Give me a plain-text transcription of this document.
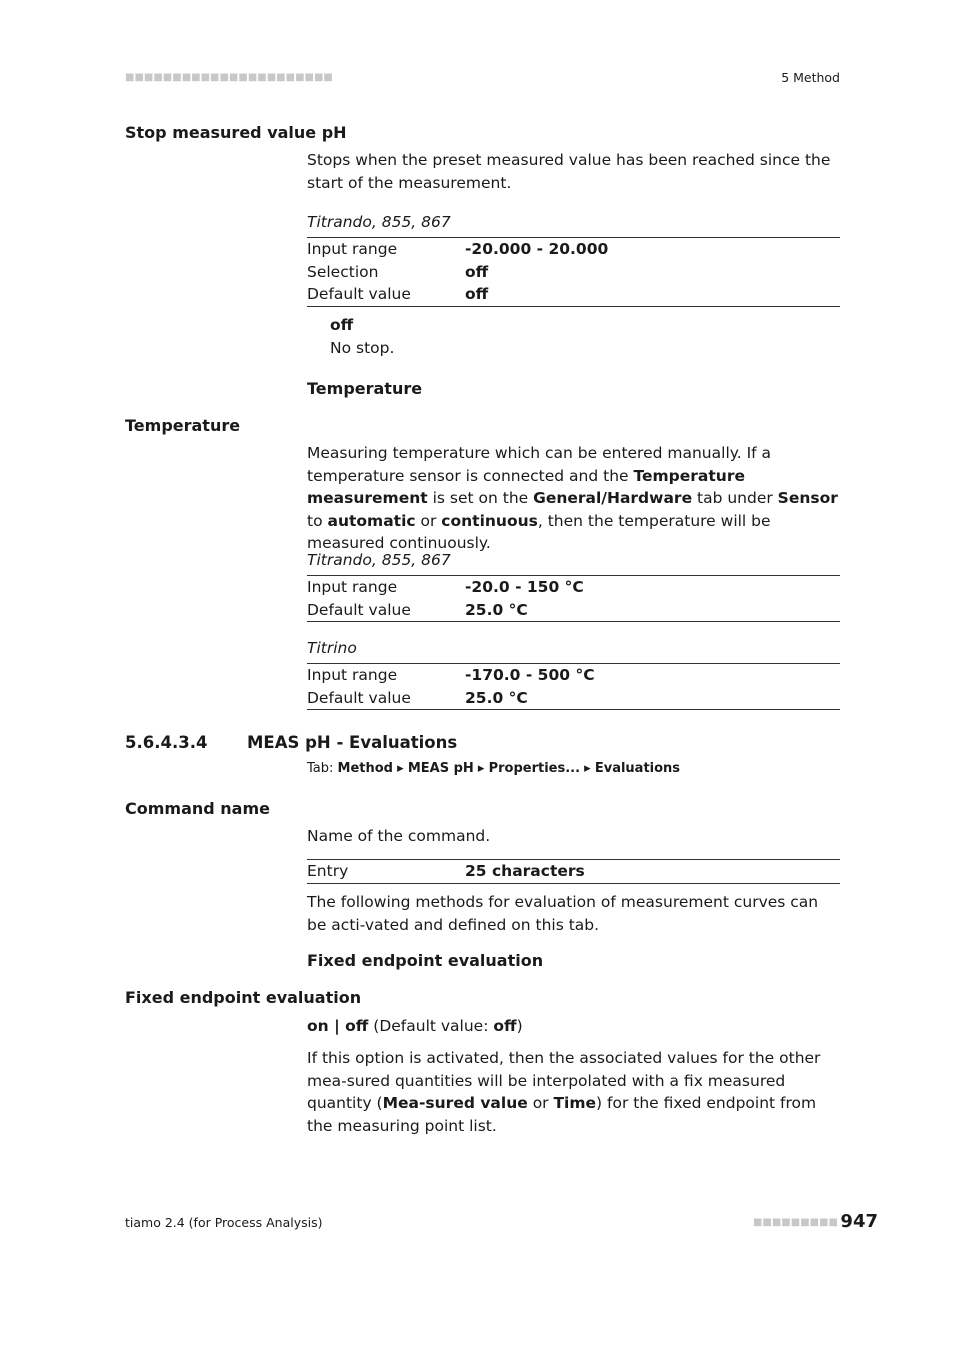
■■■■■■■■■■■■■■■■■■■■■■	5 Method
Stop measured value pH
Stops when the preset measured value has been reached since the start of the measurement.
Titrando, 855, 867
Input range	-20.000 - 20.000
Selection	off
Default value	off
off
No stop.
Temperature
Temperature
Measuring temperature which can be entered manually. If a temperature sensor is connected and the Temperature measurement is set on the General/Hardware tab under Sensor to automatic or continuous, then the temperature will be measured continuously.
Titrando, 855, 867
Input range	-20.0 - 150 °C
Default value	25.0 °C
Titrino
Input range	-170.0 - 500 °C
Default value	25.0 °C
5.6.4.3.4 MEAS pH - Evaluations
Tab: Method ▸ MEAS pH ▸ Properties... ▸ Evaluations
Command name
Name of the command.
Entry	25 characters
The following methods for evaluation of measurement curves can be acti-vated and defined on this tab.
Fixed endpoint evaluation
Fixed endpoint evaluation
on | off (Default value: off)
If this option is activated, then the associated values for the other mea-sured quantities will be interpolated with a fix measured quantity (Mea-sured value or Time) for the fixed endpoint from the measuring point list.
tiamo 2.4 (for Process Analysis)	■■■■■■■■■ 947
